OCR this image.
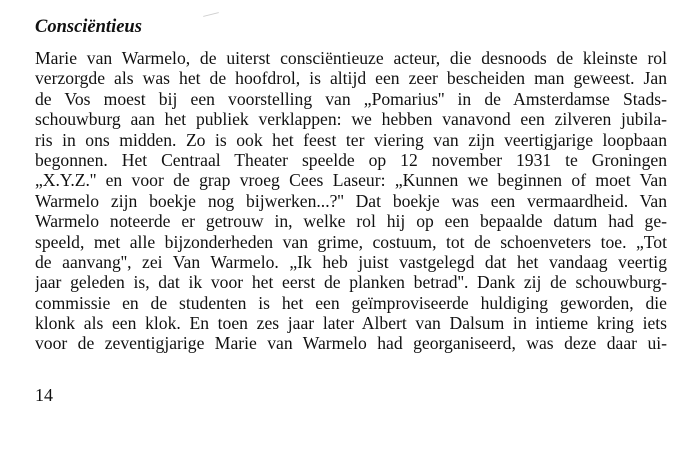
Consciëntieus
Marie van Warmelo, de uiterst consciëntieuze acteur, die desnoods de kleinste rol
verzorgde als was het de hoofdrol, is altijd een zeer bescheiden man geweest. Jan
de Vos moest bij een voorstelling van „Pomarius'' in de Amsterdamse Stads-
schouwburg aan het publiek verklappen: we hebben vanavond een zilveren jubila-
ris in ons midden. Zo is ook het feest ter viering van zijn veertigjarige loopbaan
begonnen. Het Centraal Theater speelde op 12 november 1931 te Groningen
„X.Y.Z.'' en voor de grap vroeg Cees Laseur: „Kunnen we beginnen of moet Van
Warmelo zijn boekje nog bijwerken...?'' Dat boekje was een vermaardheid. Van
Warmelo noteerde er getrouw in, welke rol hij op een bepaalde datum had ge-
speeld, met alle bijzonderheden van grime, costuum, tot de schoenveters toe. „Tot
de aanvang'', zei Van Warmelo. „Ik heb juist vastgelegd dat het vandaag veertig
jaar geleden is, dat ik voor het eerst de planken betrad''. Dank zij de schouwburg-
commissie en de studenten is het een geïmproviseerde huldiging geworden, die
klonk als een klok. En toen zes jaar later Albert van Dalsum in intieme kring iets
voor de zeventigjarige Marie van Warmelo had georganiseerd, was deze daar ui-
14
